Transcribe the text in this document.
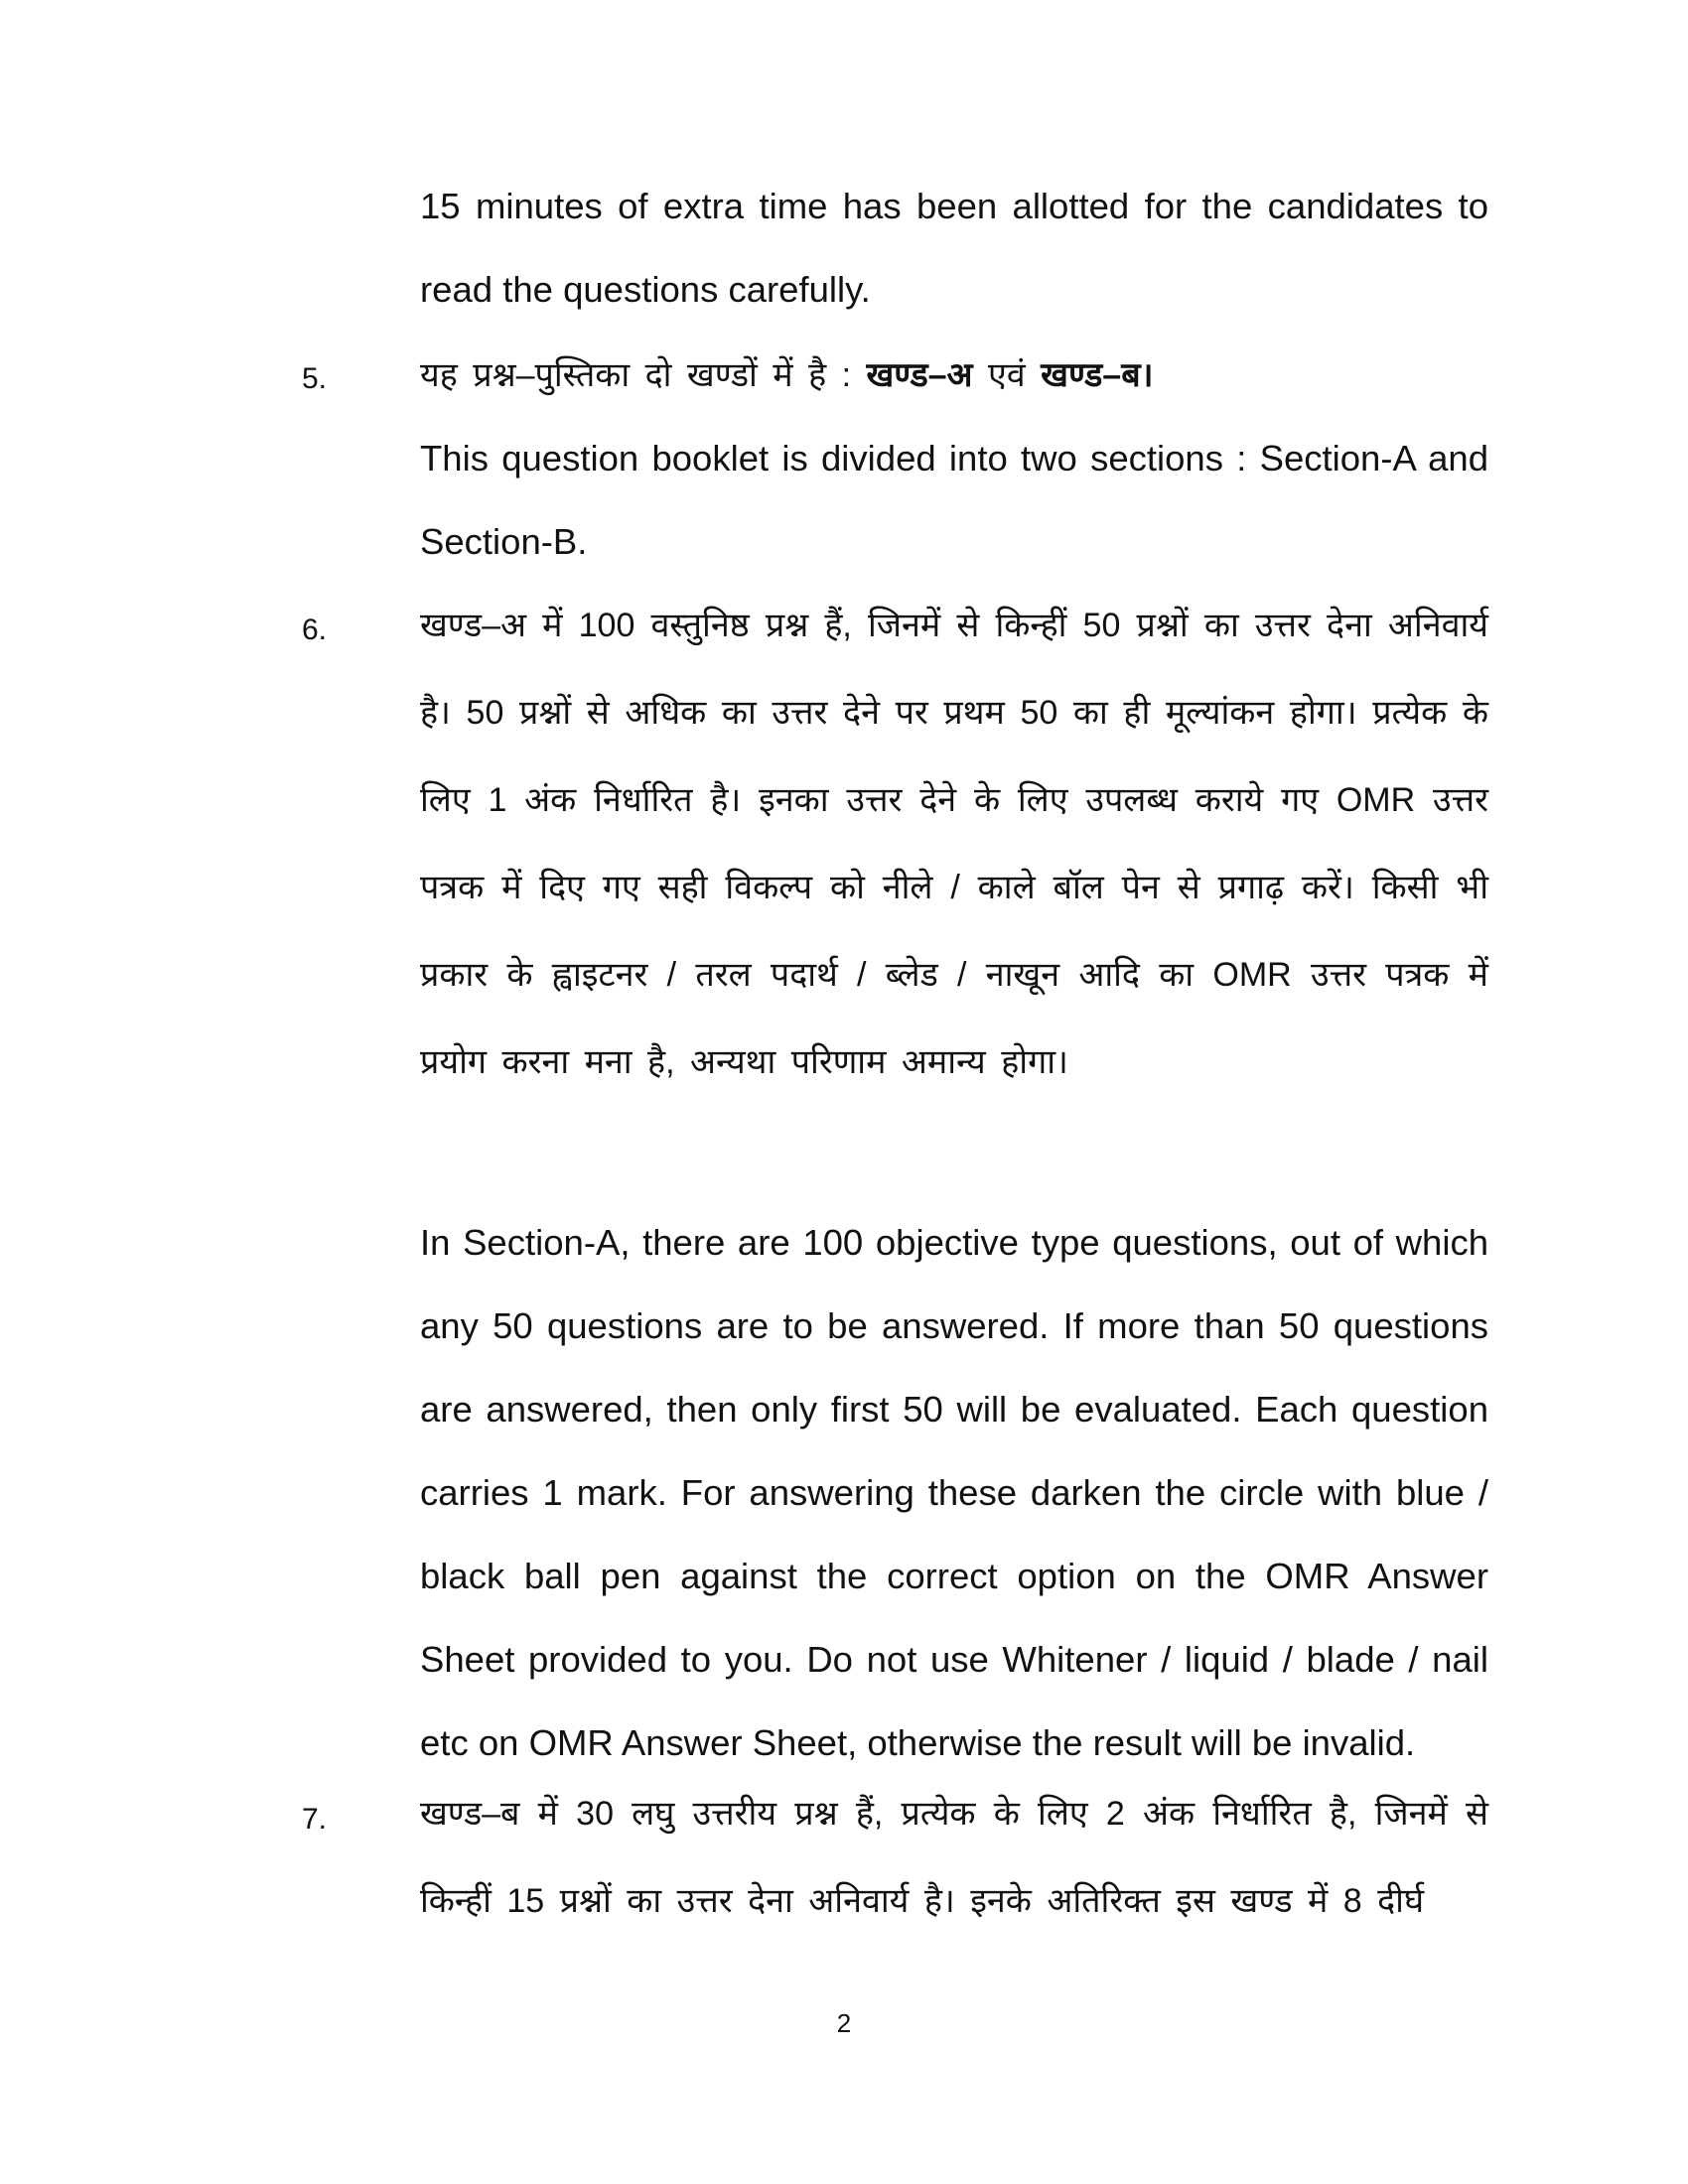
15 minutes of extra time has been allotted for the candidates to read the questions carefully.

5.	यह प्रश्न–पुस्तिका दो खण्डों में है : खण्ड–अ एवं खण्ड–ब।

This question booklet is divided into two sections : Section-A and Section-B.

6.	खण्ड–अ में 100 वस्तुनिष्ठ प्रश्न हैं, जिनमें से किन्हीं 50 प्रश्नों का उत्तर देना अनिवार्य है। 50 प्रश्नों से अधिक का उत्तर देने पर प्रथम 50 का ही मूल्यांकन होगा। प्रत्येक के लिए 1 अंक निर्धारित है। इनका उत्तर देने के लिए उपलब्ध कराये गए OMR उत्तर पत्रक में दिए गए सही विकल्प को नीले / काले बॉल पेन से प्रगाढ़ करें। किसी भी प्रकार के ह्वाइटनर / तरल पदार्थ / ब्लेड / नाखून आदि का OMR उत्तर पत्रक में प्रयोग करना मना है, अन्यथा परिणाम अमान्य होगा।

In Section-A, there are 100 objective type questions, out of which any 50 questions are to be answered. If more than 50 questions are answered, then only first 50 will be evaluated. Each question carries 1 mark. For answering these darken the circle with blue / black ball pen against the correct option on the OMR Answer Sheet provided to you. Do not use Whitener / liquid / blade / nail etc on OMR Answer Sheet, otherwise the result will be invalid.

7.	खण्ड–ब में 30 लघु उत्तरीय प्रश्न हैं, प्रत्येक के लिए 2 अंक निर्धारित है, जिनमें से किन्हीं 15 प्रश्नों का उत्तर देना अनिवार्य है। इनके अतिरिक्त इस खण्ड में 8 दीर्घ

2
